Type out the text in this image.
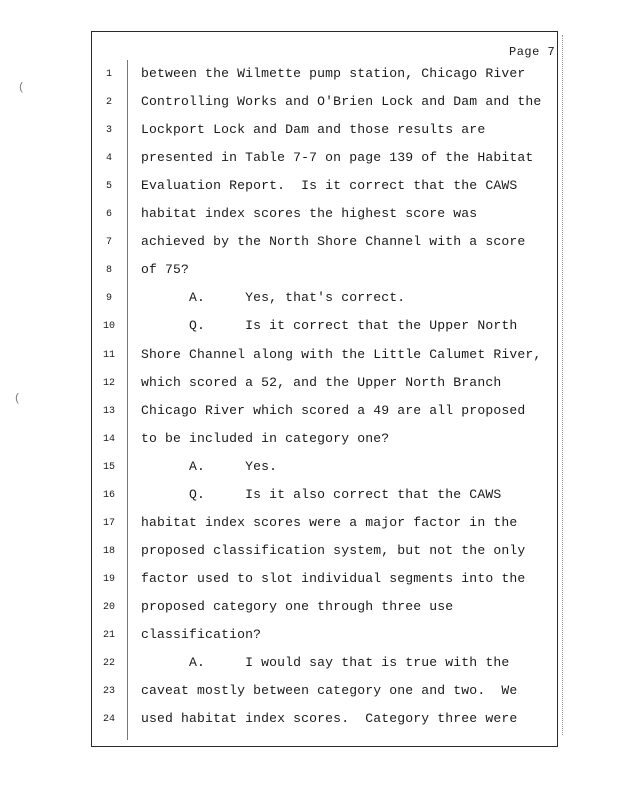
Page 7
1	between the Wilmette pump station, Chicago River
2	Controlling Works and O'Brien Lock and Dam and the
3	Lockport Lock and Dam and those results are
4	presented in Table 7-7 on page 139 of the Habitat
5	Evaluation Report.  Is it correct that the CAWS
6	habitat index scores the highest score was
7	achieved by the North Shore Channel with a score
8	of 75?
9	A.     Yes, that's correct.
10	Q.     Is it correct that the Upper North
11	Shore Channel along with the Little Calumet River,
12	which scored a 52, and the Upper North Branch
13	Chicago River which scored a 49 are all proposed
14	to be included in category one?
15	A.     Yes.
16	Q.     Is it also correct that the CAWS
17	habitat index scores were a major factor in the
18	proposed classification system, but not the only
19	factor used to slot individual segments into the
20	proposed category one through three use
21	classification?
22	A.     I would say that is true with the
23	caveat mostly between category one and two.  We
24	used habitat index scores.  Category three were
(
(
